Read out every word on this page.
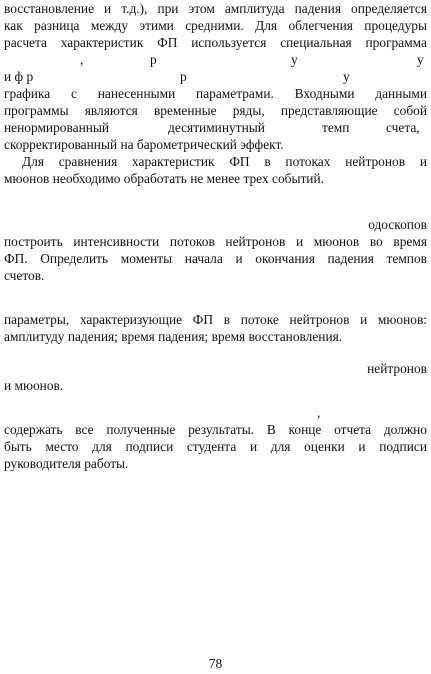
восстановление и т.д.), при этом амплитуда падения определяется
как разница между этими средними. Для облегчения процедуры
расчета характеристик ФП используется специальная программа
,	р	у	у
и ф р	р	у
графика с нанесенными параметрами. Входными данными
программы являются временные ряды, представляющие собой
ненормированный	десятиминутный	темп	счета,
скорректированный на барометрический эффект.
Для сравнения характеристик ФП в потоках нейтронов и
мюонов необходимо обработать не менее трех событий.
одоскопов
построить интенсивности потоков нейтронов и мюонов во время
ФП. Определить моменты начала и окончания падения темпов
счетов.
параметры, характеризующие ФП в потоке нейтронов и мюонов:
амплитуду падения; время падения; время восстановления.
нейтронов
и мюонов.
,
содержать все полученные результаты. В конце отчета должно
быть место для подписи студента и для оценки и подписи
руководителя работы.
78
